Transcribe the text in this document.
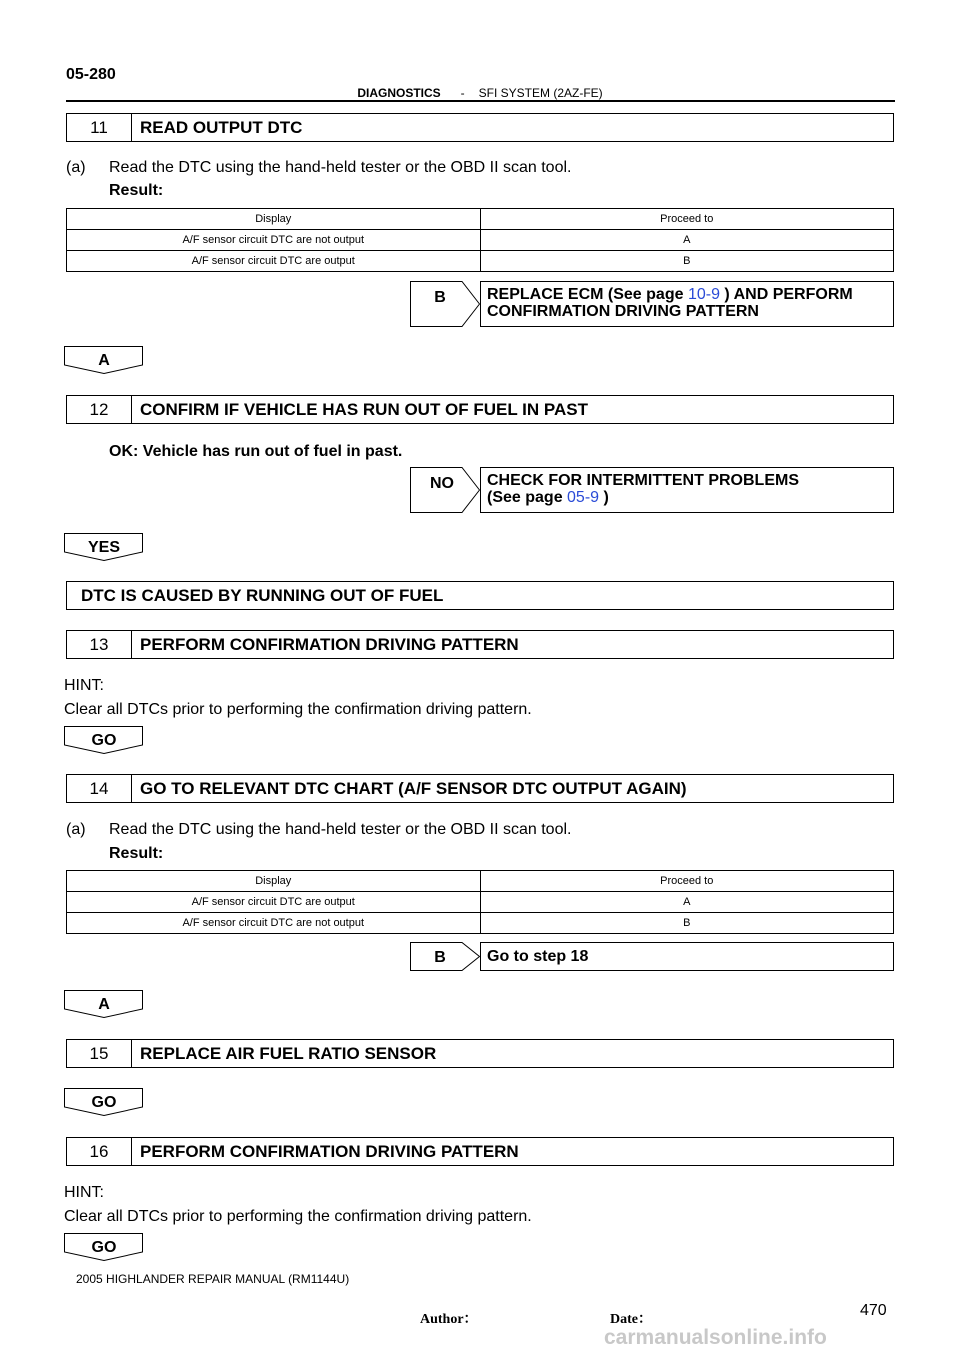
05-280
DIAGNOSTICS - SFI SYSTEM (2AZ-FE)
11	READ OUTPUT DTC
(a) Read the DTC using the hand-held tester or the OBD II scan tool.
Result:
Display	Proceed to
A/F sensor circuit DTC are not output	A
A/F sensor circuit DTC are output	B
B	REPLACE ECM (See page 10-9 ) AND PERFORM
CONFIRMATION DRIVING PATTERN
A
12	CONFIRM IF VEHICLE HAS RUN OUT OF FUEL IN PAST
OK: Vehicle has run out of fuel in past.
NO CHECK FOR INTERMITTENT PROBLEMS
(See page 05-9 )
YES
DTC IS CAUSED BY RUNNING OUT OF FUEL
13	PERFORM CONFIRMATION DRIVING PATTERN
HINT:
Clear all DTCs prior to performing the confirmation driving pattern.
GO
14	GO TO RELEVANT DTC CHART (A/F SENSOR DTC OUTPUT AGAIN)
(a) Read the DTC using the hand-held tester or the OBD II scan tool.
Result:
Display	Proceed to
A/F sensor circuit DTC are output	A
A/F sensor circuit DTC are not output	B
B	Go to step 18
A
15	REPLACE AIR FUEL RATIO SENSOR
GO
16	PERFORM CONFIRMATION DRIVING PATTERN
HINT:
Clear all DTCs prior to performing the confirmation driving pattern.
GO
2005 HIGHLANDER REPAIR MANUAL (RM1144U)
Author：	Date：
470
carmanualsonline.info
